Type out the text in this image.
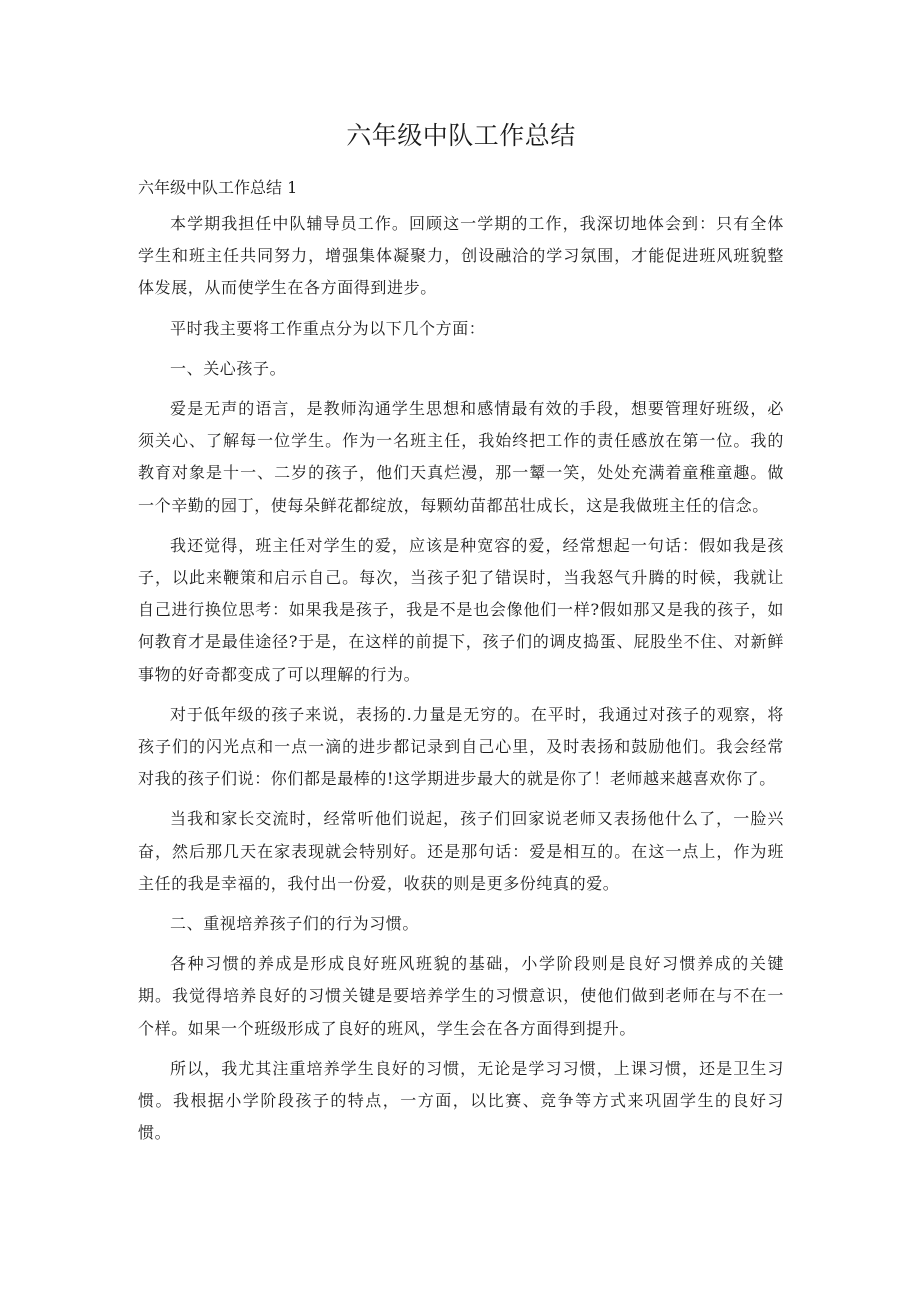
六年级中队工作总结
六年级中队工作总结 1

本学期我担任中队辅导员工作。回顾这一学期的工作，我深切地体会到：只有全体学生和班主任共同努力，增强集体凝聚力，创设融洽的学习氛围，才能促进班风班貌整体发展，从而使学生在各方面得到进步。

平时我主要将工作重点分为以下几个方面：

一、关心孩子。

爱是无声的语言，是教师沟通学生思想和感情最有效的手段，想要管理好班级，必须关心、了解每一位学生。作为一名班主任，我始终把工作的责任感放在第一位。我的教育对象是十一、二岁的孩子，他们天真烂漫，那一颦一笑，处处充满着童稚童趣。做一个辛勤的园丁，使每朵鲜花都绽放，每颗幼苗都茁壮成长，这是我做班主任的信念。

我还觉得，班主任对学生的爱，应该是种宽容的爱，经常想起一句话：假如我是孩子，以此来鞭策和启示自己。每次，当孩子犯了错误时，当我怒气升腾的时候，我就让自己进行换位思考：如果我是孩子，我是不是也会像他们一样?假如那又是我的孩子，如何教育才是最佳途径?于是，在这样的前提下，孩子们的调皮捣蛋、屁股坐不住、对新鲜事物的好奇都变成了可以理解的行为。

对于低年级的孩子来说，表扬的.力量是无穷的。在平时，我通过对孩子的观察，将孩子们的闪光点和一点一滴的进步都记录到自己心里，及时表扬和鼓励他们。我会经常对我的孩子们说：你们都是最棒的!这学期进步最大的就是你了！老师越来越喜欢你了。

当我和家长交流时，经常听他们说起，孩子们回家说老师又表扬他什么了，一脸兴奋，然后那几天在家表现就会特别好。还是那句话：爱是相互的。在这一点上，作为班主任的我是幸福的，我付出一份爱，收获的则是更多份纯真的爱。

二、重视培养孩子们的行为习惯。

各种习惯的养成是形成良好班风班貌的基础，小学阶段则是良好习惯养成的关键期。我觉得培养良好的习惯关键是要培养学生的习惯意识，使他们做到老师在与不在一个样。如果一个班级形成了良好的班风，学生会在各方面得到提升。

所以，我尤其注重培养学生良好的习惯，无论是学习习惯，上课习惯，还是卫生习惯。我根据小学阶段孩子的特点，一方面，以比赛、竞争等方式来巩固学生的良好习惯。
